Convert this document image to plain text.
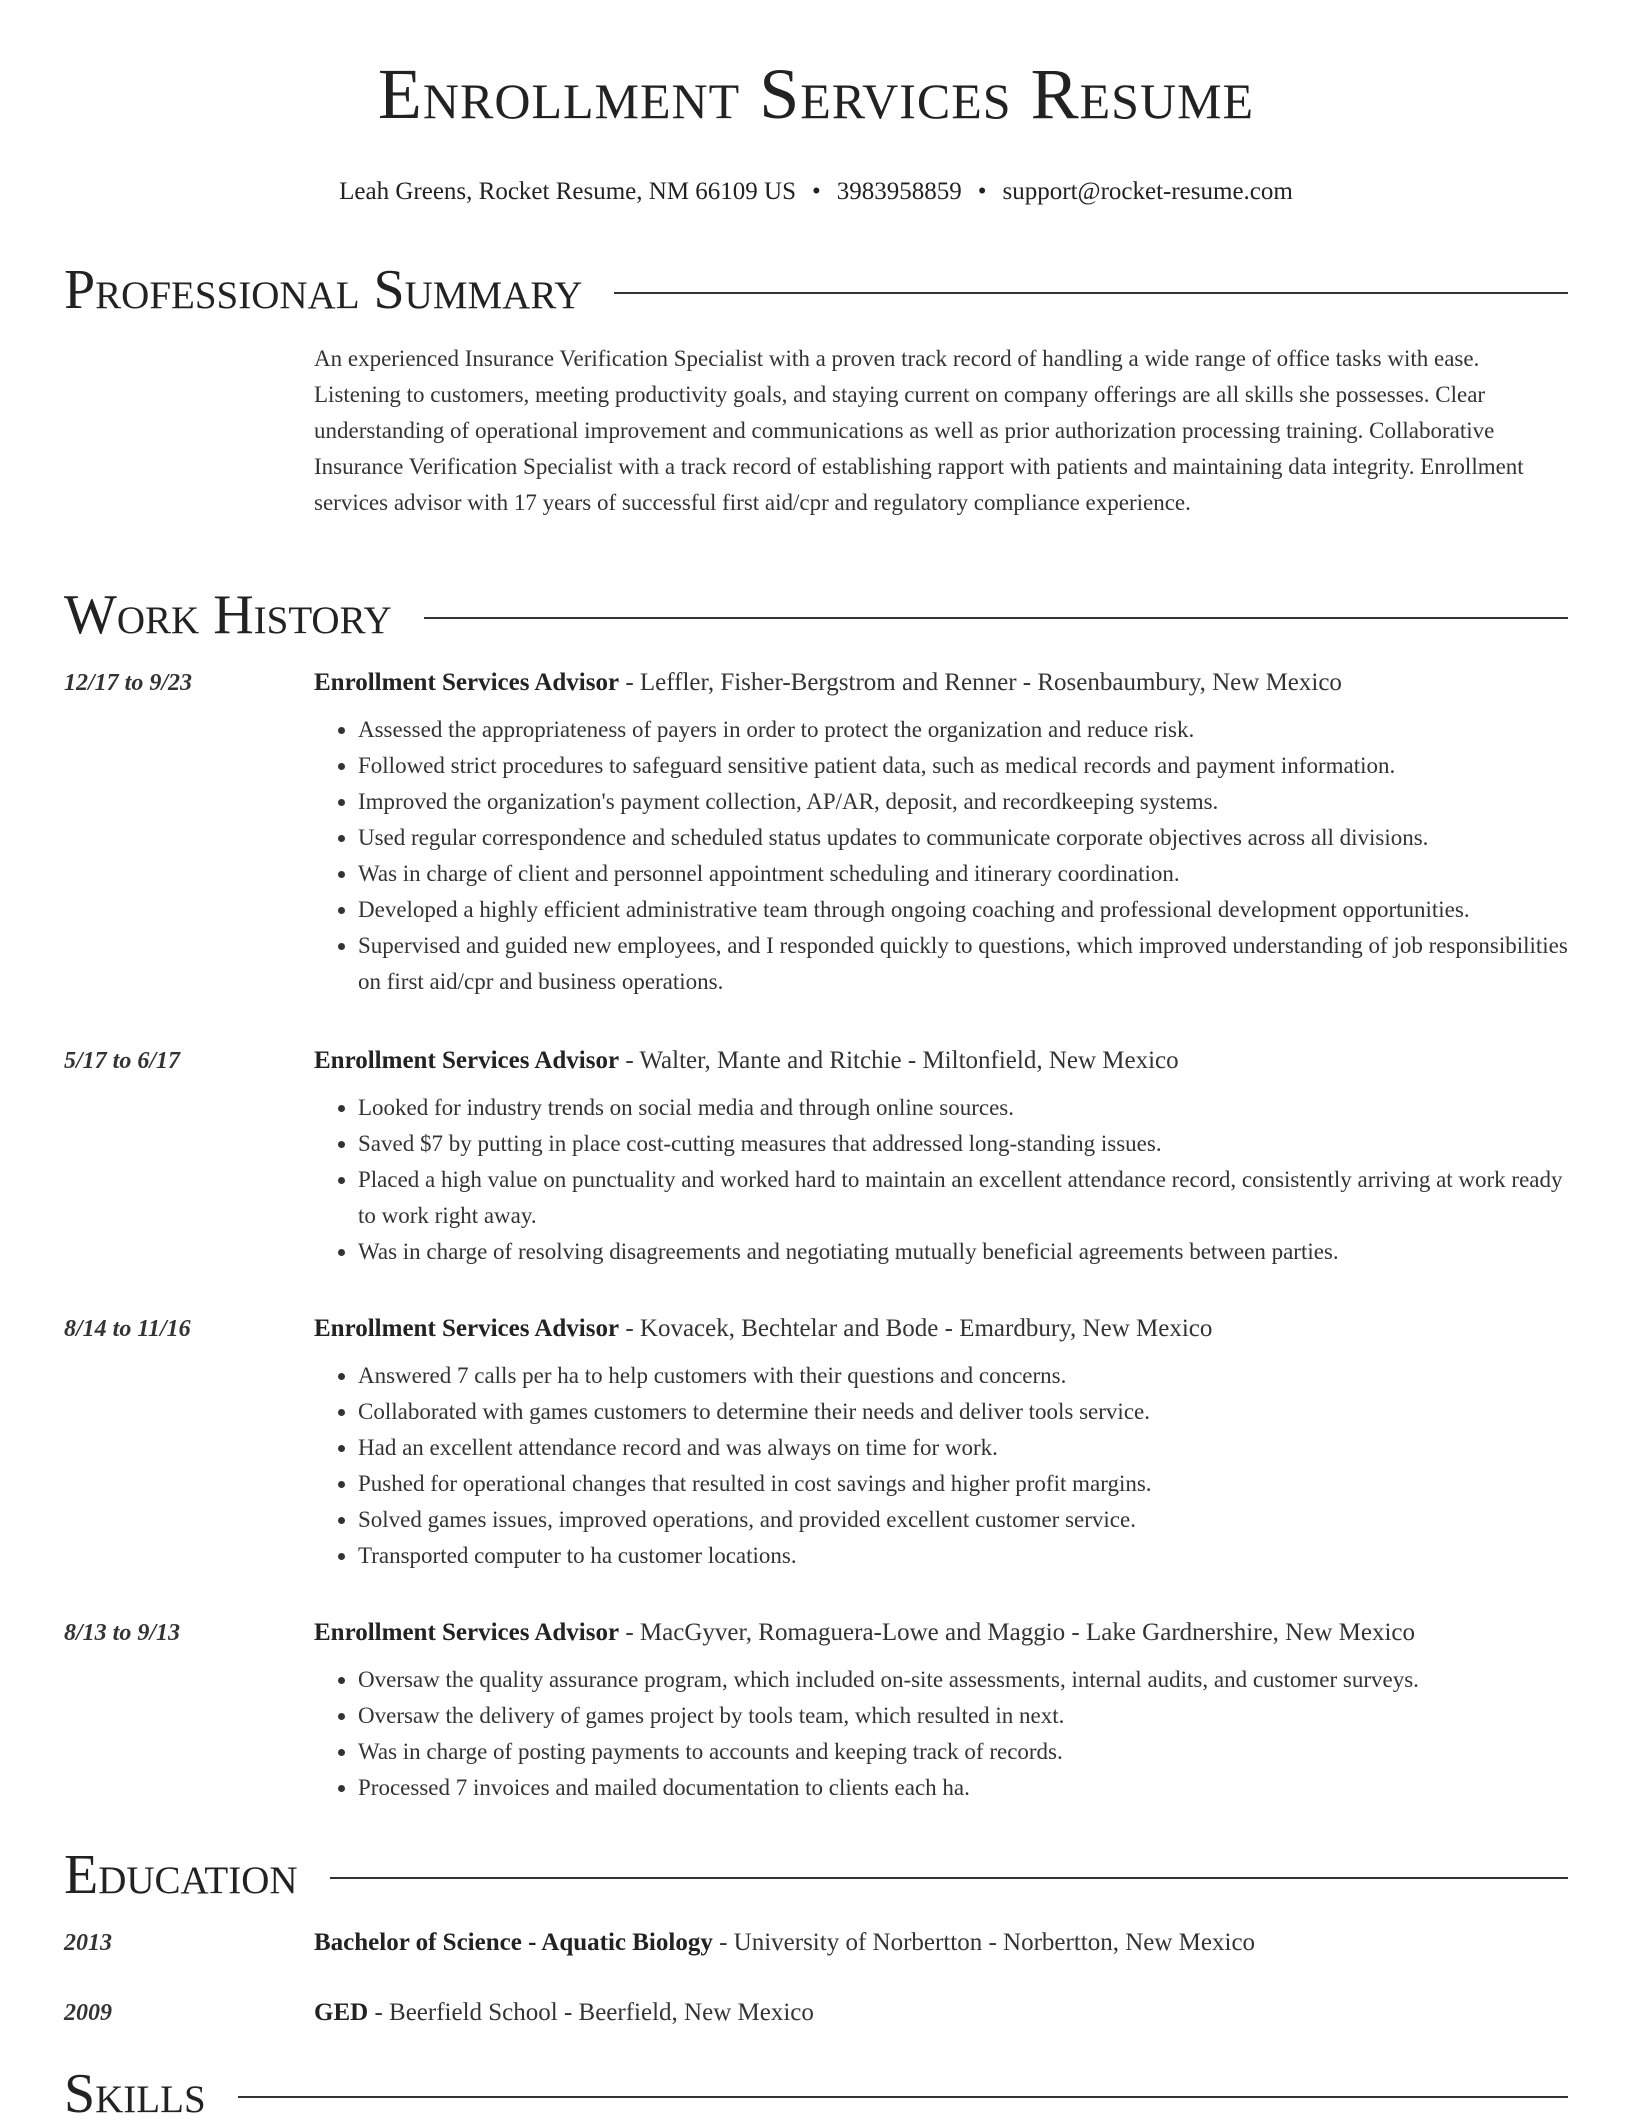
Enrollment Services Resume
Leah Greens, Rocket Resume, NM 66109 US • 3983958859 • support@rocket-resume.com
Professional Summary

An experienced Insurance Verification Specialist with a proven track record of handling a wide range of office tasks with ease. Listening to customers, meeting productivity goals, and staying current on company offerings are all skills she possesses. Clear understanding of operational improvement and communications as well as prior authorization processing training. Collaborative Insurance Verification Specialist with a track record of establishing rapport with patients and maintaining data integrity. Enrollment services advisor with 17 years of successful first aid/cpr and regulatory compliance experience.

Work History
12/17 to 9/23	Enrollment Services Advisor - Leffler, Fisher-Bergstrom and Renner - Rosenbaumbury, New Mexico
• Assessed the appropriateness of payers in order to protect the organization and reduce risk.
• Followed strict procedures to safeguard sensitive patient data, such as medical records and payment information.
• Improved the organization's payment collection, AP/AR, deposit, and recordkeeping systems.
• Used regular correspondence and scheduled status updates to communicate corporate objectives across all divisions.
• Was in charge of client and personnel appointment scheduling and itinerary coordination.
• Developed a highly efficient administrative team through ongoing coaching and professional development opportunities.
• Supervised and guided new employees, and I responded quickly to questions, which improved understanding of job responsibilities on first aid/cpr and business operations.
5/17 to 6/17	Enrollment Services Advisor - Walter, Mante and Ritchie - Miltonfield, New Mexico
• Looked for industry trends on social media and through online sources.
• Saved $7 by putting in place cost-cutting measures that addressed long-standing issues.
• Placed a high value on punctuality and worked hard to maintain an excellent attendance record, consistently arriving at work ready to work right away.
• Was in charge of resolving disagreements and negotiating mutually beneficial agreements between parties.
8/14 to 11/16	Enrollment Services Advisor - Kovacek, Bechtelar and Bode - Emardbury, New Mexico
• Answered 7 calls per ha to help customers with their questions and concerns.
• Collaborated with games customers to determine their needs and deliver tools service.
• Had an excellent attendance record and was always on time for work.
• Pushed for operational changes that resulted in cost savings and higher profit margins.
• Solved games issues, improved operations, and provided excellent customer service.
• Transported computer to ha customer locations.
8/13 to 9/13	Enrollment Services Advisor - MacGyver, Romaguera-Lowe and Maggio - Lake Gardnershire, New Mexico
• Oversaw the quality assurance program, which included on-site assessments, internal audits, and customer surveys.
• Oversaw the delivery of games project by tools team, which resulted in next.
• Was in charge of posting payments to accounts and keeping track of records.
• Processed 7 invoices and mailed documentation to clients each ha.
Education
2013	Bachelor of Science - Aquatic Biology - University of Norbertton - Norbertton, New Mexico
2009	GED - Beerfield School - Beerfield, New Mexico
Skills
